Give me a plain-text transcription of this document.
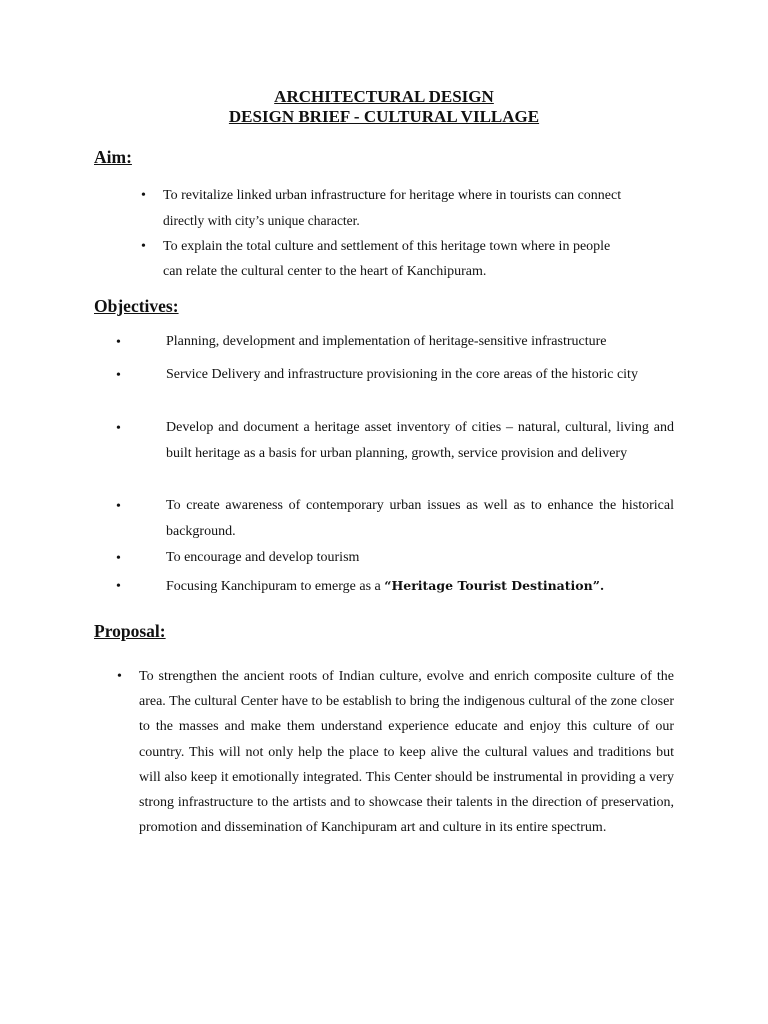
ARCHITECTURAL DESIGN
DESIGN BRIEF - CULTURAL VILLAGE
Aim:
• To revitalize linked urban infrastructure for heritage where in tourists can connect
directly with city’s unique character.
• To explain the total culture and settlement of this heritage town where in people
can relate the cultural center to the heart of Kanchipuram.
Objectives:
•	Planning, development and implementation of heritage-sensitive infrastructure
•	Service Delivery and infrastructure provisioning in the core areas of the historic city
•	Develop and document a heritage asset inventory of cities – natural, cultural, living and built heritage as a basis for urban planning, growth, service provision and delivery
•	To create awareness of contemporary urban issues as well as to enhance the historical background.
•	To encourage and develop tourism
•	Focusing Kanchipuram to emerge as a “Heritage Tourist Destination”.
Proposal:
• To strengthen the ancient roots of Indian culture, evolve and enrich composite culture of the area. The cultural Center have to be establish to bring the indigenous cultural of the zone closer to the masses and make them understand experience educate and enjoy this culture of our country. This will not only help the place to keep alive the cultural values and traditions but will also keep it emotionally integrated. This Center should be instrumental in providing a very strong infrastructure to the artists and to showcase their talents in the direction of preservation, promotion and dissemination of Kanchipuram art and culture in its entire spectrum.
